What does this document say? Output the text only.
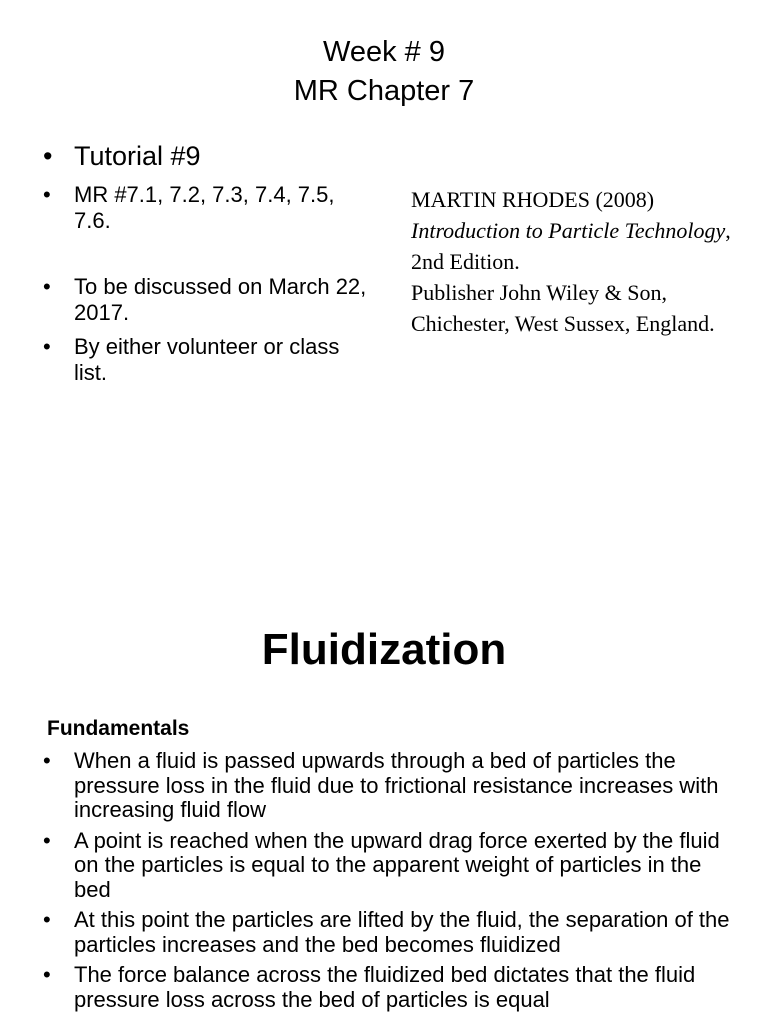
Week # 9
MR Chapter 7
• Tutorial #9
• MR #7.1, 7.2, 7.3, 7.4, 7.5, 7.6.
• To be discussed on March 22, 2017.
• By either volunteer or class list.
MARTIN RHODES (2008)
Introduction to Particle Technology, 2nd Edition.
Publisher John Wiley & Son, Chichester, West Sussex, England.
Fluidization
Fundamentals
• When a fluid is passed upwards through a bed of particles the pressure loss in the fluid due to frictional resistance increases with increasing fluid flow
• A point is reached when the upward drag force exerted by the fluid on the particles is equal to the apparent weight of particles in the bed
• At this point the particles are lifted by the fluid, the separation of the particles increases and the bed becomes fluidized
• The force balance across the fluidized bed dictates that the fluid pressure loss across the bed of particles is equal
